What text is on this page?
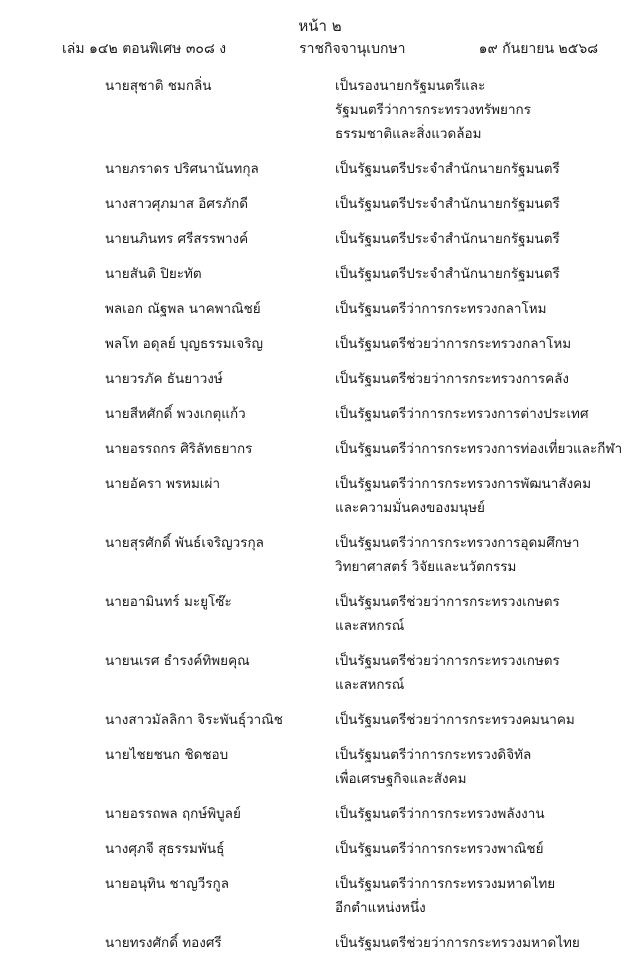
หน้า ๒
เล่ม ๑๔๒ ตอนพิเศษ ๓๐๘ ง	ราชกิจจานุเบกษา	๑๙ กันยายน ๒๕๖๘
นายสุชาติ ชมกลิ่น	เป็นรองนายกรัฐมนตรีและ
รัฐมนตรีว่าการกระทรวงทรัพยากร
ธรรมชาติและสิ่งแวดล้อม
นายภราดร ปริศนานันทกุล	เป็นรัฐมนตรีประจำสำนักนายกรัฐมนตรี
นางสาวศุภมาส อิศรภักดี	เป็นรัฐมนตรีประจำสำนักนายกรัฐมนตรี
นายนภินทร ศรีสรรพางค์	เป็นรัฐมนตรีประจำสำนักนายกรัฐมนตรี
นายสันติ ปิยะทัต	เป็นรัฐมนตรีประจำสำนักนายกรัฐมนตรี
พลเอก ณัฐพล นาคพาณิชย์	เป็นรัฐมนตรีว่าการกระทรวงกลาโหม
พลโท อดุลย์ บุญธรรมเจริญ	เป็นรัฐมนตรีช่วยว่าการกระทรวงกลาโหม
นายวรภัค ธันยาวงษ์	เป็นรัฐมนตรีช่วยว่าการกระทรวงการคลัง
นายสีหศักดิ์ พวงเกตุแก้ว	เป็นรัฐมนตรีว่าการกระทรวงการต่างประเทศ
นายอรรถกร ศิริลัทธยากร	เป็นรัฐมนตรีว่าการกระทรวงการท่องเที่ยวและกีฬา
นายอัครา พรหมเผ่า	เป็นรัฐมนตรีว่าการกระทรวงการพัฒนาสังคม
และความมั่นคงของมนุษย์
นายสุรศักดิ์ พันธ์เจริญวรกุล	เป็นรัฐมนตรีว่าการกระทรวงการอุดมศึกษา
วิทยาศาสตร์ วิจัยและนวัตกรรม
นายอามินทร์ มะยูโซ๊ะ	เป็นรัฐมนตรีช่วยว่าการกระทรวงเกษตร
และสหกรณ์
นายนเรศ ธำรงค์ทิพยคุณ	เป็นรัฐมนตรีช่วยว่าการกระทรวงเกษตร
และสหกรณ์
นางสาวมัลลิกา จิระพันธุ์วาณิช	เป็นรัฐมนตรีช่วยว่าการกระทรวงคมนาคม
นายไชยชนก ชิดชอบ	เป็นรัฐมนตรีว่าการกระทรวงดิจิทัล
เพื่อเศรษฐกิจและสังคม
นายอรรถพล ฤกษ์พิบูลย์	เป็นรัฐมนตรีว่าการกระทรวงพลังงาน
นางศุภจี สุธรรมพันธุ์	เป็นรัฐมนตรีว่าการกระทรวงพาณิชย์
นายอนุทิน ชาญวีรกูล	เป็นรัฐมนตรีว่าการกระทรวงมหาดไทย
อีกตำแหน่งหนึ่ง
นายทรงศักดิ์ ทองศรี	เป็นรัฐมนตรีช่วยว่าการกระทรวงมหาดไทย
